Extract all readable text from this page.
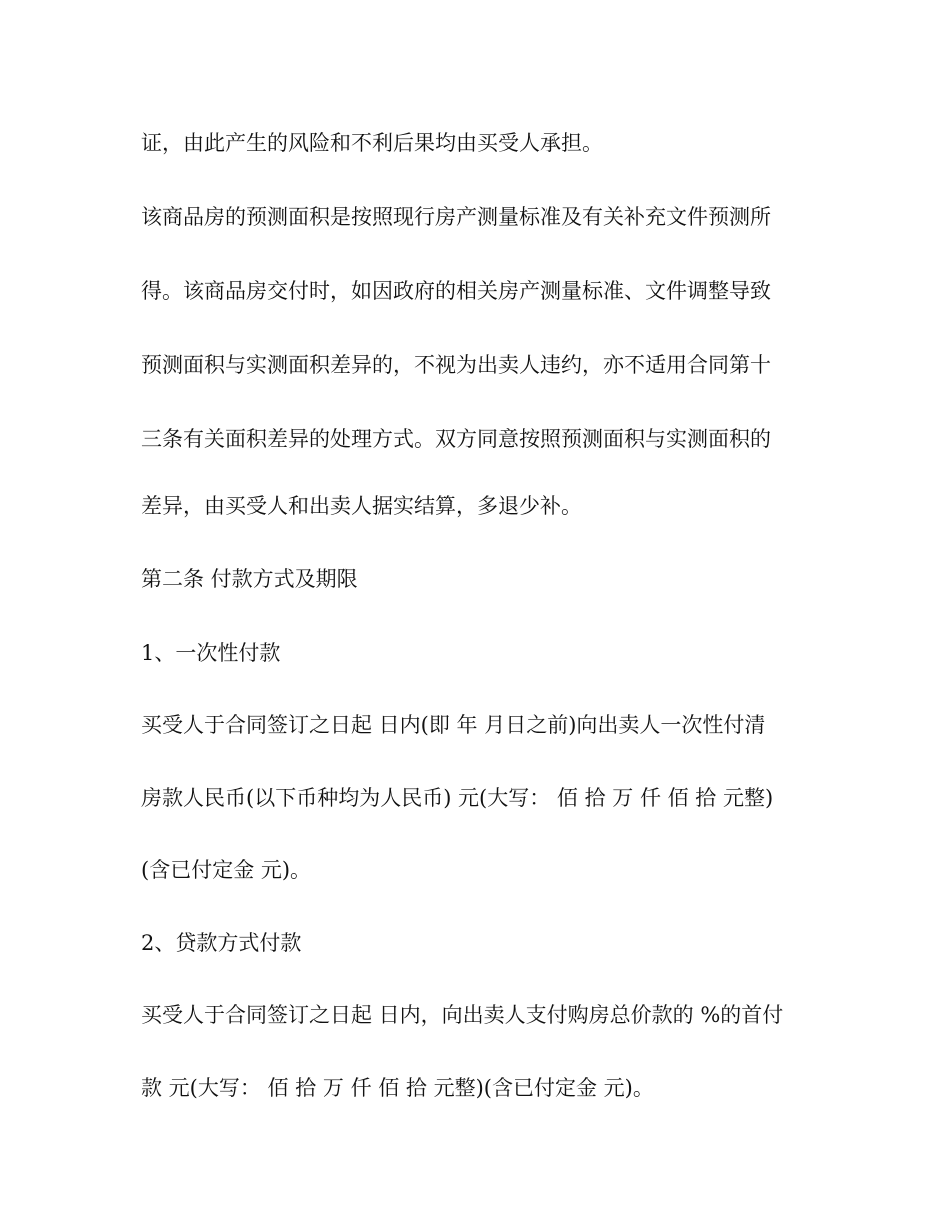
证，由此产生的风险和不利后果均由买受人承担。

该商品房的预测面积是按照现行房产测量标准及有关补充文件预测所

得。该商品房交付时，如因政府的相关房产测量标准、文件调整导致

预测面积与实测面积差异的，不视为出卖人违约，亦不适用合同第十

三条有关面积差异的处理方式。双方同意按照预测面积与实测面积的

差异，由买受人和出卖人据实结算，多退少补。

第二条 付款方式及期限

1、一次性付款

买受人于合同签订之日起 日内(即 年 月日之前)向出卖人一次性付清

房款人民币(以下币种均为人民币) 元(大写： 佰 拾 万 仟 佰 拾 元整)

(含已付定金 元)。

2、贷款方式付款

买受人于合同签订之日起 日内，向出卖人支付购房总价款的 %的首付

款 元(大写： 佰 拾 万 仟 佰 拾 元整)(含已付定金 元)。
